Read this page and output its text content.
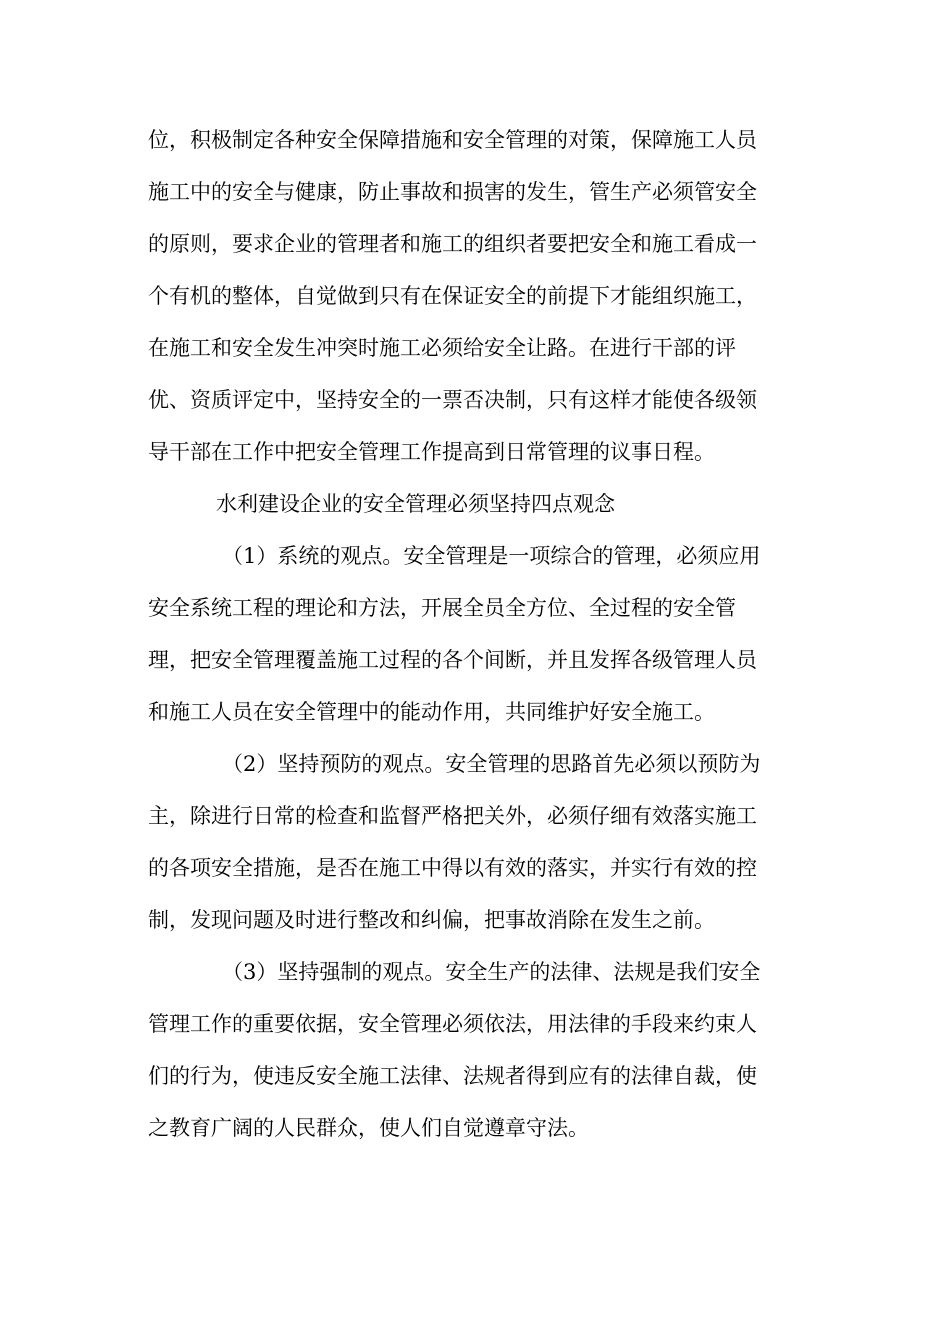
位，积极制定各种安全保障措施和安全管理的对策，保障施工人员
施工中的安全与健康，防止事故和损害的发生，管生产必须管安全
的原则，要求企业的管理者和施工的组织者要把安全和施工看成一
个有机的整体，自觉做到只有在保证安全的前提下才能组织施工，
在施工和安全发生冲突时施工必须给安全让路。在进行干部的评
优、资质评定中，坚持安全的一票否决制，只有这样才能使各级领
导干部在工作中把安全管理工作提高到日常管理的议事日程。
水利建设企业的安全管理必须坚持四点观念
（1）系统的观点。安全管理是一项综合的管理，必须应用
安全系统工程的理论和方法，开展全员全方位、全过程的安全管
理，把安全管理覆盖施工过程的各个间断，并且发挥各级管理人员
和施工人员在安全管理中的能动作用，共同维护好安全施工。
（2）坚持预防的观点。安全管理的思路首先必须以预防为
主，除进行日常的检查和监督严格把关外，必须仔细有效落实施工
的各项安全措施，是否在施工中得以有效的落实，并实行有效的控
制，发现问题及时进行整改和纠偏，把事故消除在发生之前。
（3）坚持强制的观点。安全生产的法律、法规是我们安全
管理工作的重要依据，安全管理必须依法，用法律的手段来约束人
们的行为，使违反安全施工法律、法规者得到应有的法律自裁，使
之教育广阔的人民群众，使人们自觉遵章守法。
